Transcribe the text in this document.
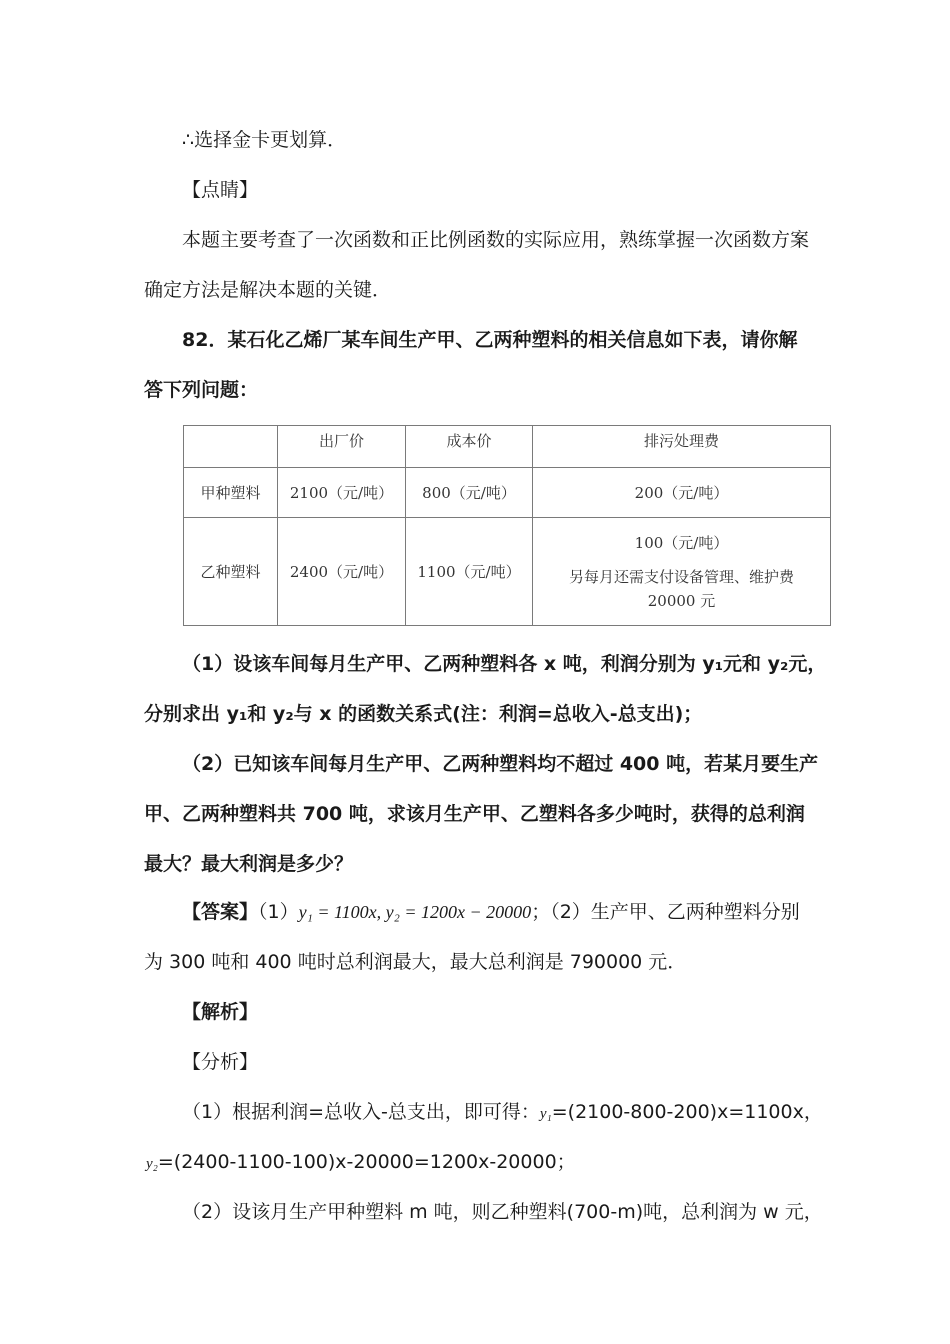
∴选择金卡更划算．
【点睛】
本题主要考查了一次函数和正比例函数的实际应用，熟练掌握一次函数方案
确定方法是解决本题的关键．
82．某石化乙烯厂某车间生产甲、乙两种塑料的相关信息如下表，请你解
答下列问题：
	出厂价	成本价	排污处理费
甲种塑料	2100（元/吨）	800（元/吨）	200（元/吨）
乙种塑料	2400（元/吨）	1100（元/吨）	100（元/吨）
另每月还需支付设备管理、维护费
20000 元
（1）设该车间每月生产甲、乙两种塑料各 x 吨，利润分别为 y₁元和 y₂元，
分别求出 y₁和 y₂与 x 的函数关系式(注：利润=总收入-总支出)；
（2）已知该车间每月生产甲、乙两种塑料均不超过 400 吨，若某月要生产
甲、乙两种塑料共 700 吨，求该月生产甲、乙塑料各多少吨时，获得的总利润
最大？最大利润是多少？
【答案】（1）y₁ = 1100x, y₂ = 1200x − 20000；（2）生产甲、乙两种塑料分别
为 300 吨和 400 吨时总利润最大，最大总利润是 790000 元．
【解析】
【分析】
（1）根据利润=总收入-总支出，即可得：y₁=(2100-800-200)x=1100x，
y₂=(2400-1100-100)x-20000=1200x-20000；
（2）设该月生产甲种塑料 m 吨，则乙种塑料(700-m)吨，总利润为 w 元，
